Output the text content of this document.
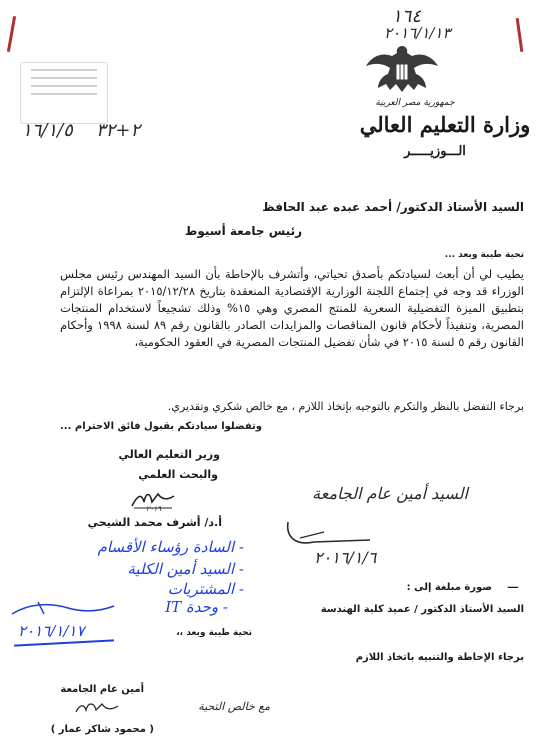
٢+٣٢
١٦/١/٥
١٦٤
٢٠١٦/١/١٣
جمهورية مصر العربية
وزارة التعليم العالي
الـــوزيـــــر
السيد الأستاذ الدكتور/ أحمد عبده عبد الحافظ
رئيس جامعة أسيوط
تحية طيبة وبعد ...
يطيب لي أن أبعث لسيادتكم بأصدق تحياتي، وأتشرف بالإحاطة بأن السيد المهندس رئيس مجلس الوزراء قد وجه في إجتماع اللجنة الوزارية الإقتصادية المنعقدة بتاريخ ٢٠١٥/١٢/٢٨ بمراعاة الإلتزام بتطبيق الميزة التفضيلية السعرية للمنتج المصري وهي ١٥% وذلك تشجيعاً لاستخدام المنتجات المصرية، وتنفيذاً لأحكام قانون المناقصات والمزايدات الصادر بالقانون رقم ٨٩ لسنة ١٩٩٨ وأحكام القانون رقم ٥ لسنة ٢٠١٥ في شأن تفضيل المنتجات المصرية في العقود الحكومية،
برجاء التفضل بالنظر والتكرم بالتوجيه بإتخاذ اللازم ، مع خالص شكري وتقديري.
وتفضلوا سيادتكم بقبول فائق الاحترام ...
وزير التعليم العالي
والبحث العلمي
٢٠١٦
أ.د/ أشرف محمد الشيحي
السيد أمين عام الجامعة
٢٠١٦/١/٦
- السادة رؤساء الأقسام
- السيد أمين الكلية
- المشتريات
- وحدة IT
٢٠١٦/١/١٧
صورة مبلغة إلى : ـــ
السيد الأستاذ الدكتور / عميد كلية الهندسة
تحية طيبة وبعد ،،
برجاء الإحاطة والتنبيه باتخاذ اللازم
أمين عام الجامعة
مع خالص التحية
( محمود شاكر عمار )
